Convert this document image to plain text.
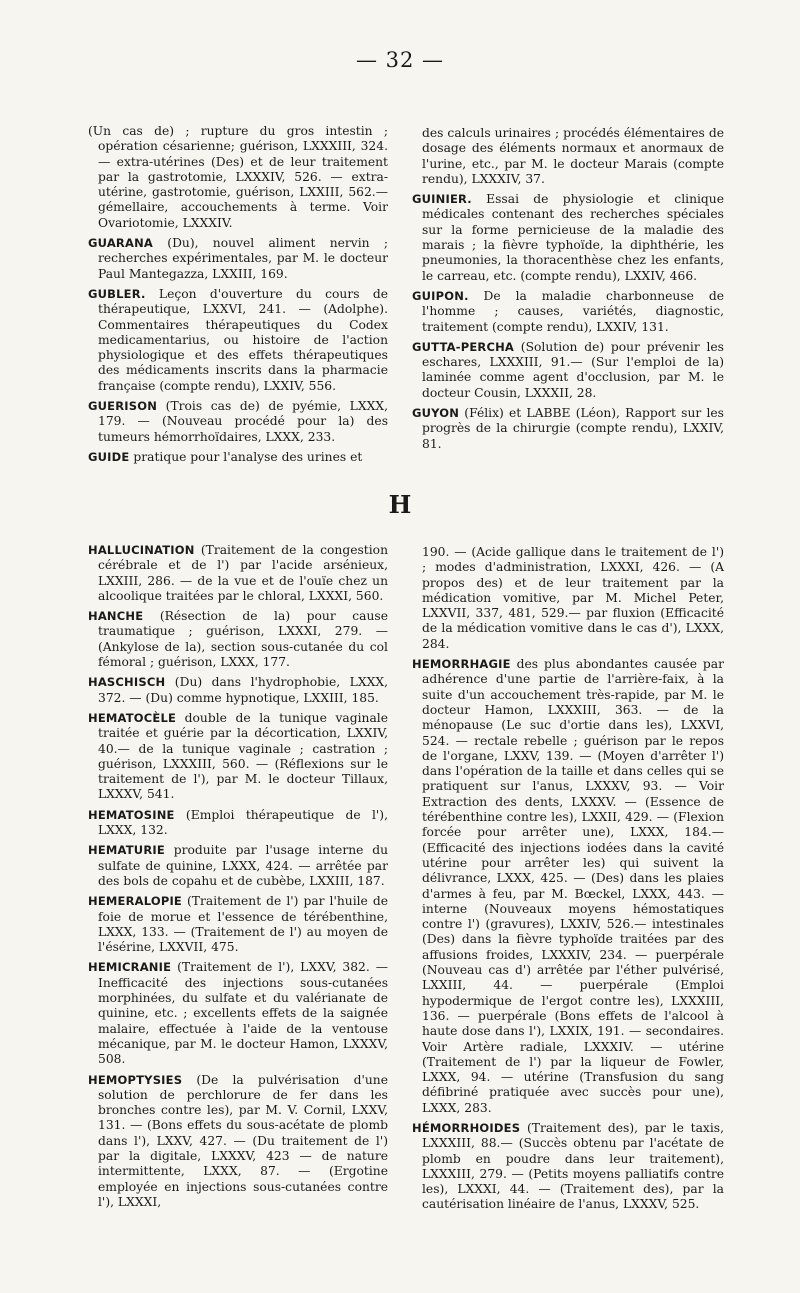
— 32 —

(Un cas de) ; rupture du gros intestin ; opération césarienne; guérison, LXXXIII, 324. — extra-utérines (Des) et de leur traitement par la gastrotomie, LXXXIV, 526. — extra-utérine, gastrotomie, guérison, LXXIII, 562.— gémellaire, accouchements à terme. Voir Ovariotomie, LXXXIV.

GUARANA (Du), nouvel aliment nervin ; recherches expérimentales, par M. le docteur Paul Mantegazza, LXXIII, 169.

GUBLER. Leçon d'ouverture du cours de thérapeutique, LXXVI, 241. — (Adolphe). Commentaires thérapeutiques du Codex medicamentarius, ou histoire de l'action physiologique et des effets thérapeutiques des médicaments inscrits dans la pharmacie française (compte rendu), LXXIV, 556.

GUERISON (Trois cas de) de pyémie, LXXX, 179. — (Nouveau procédé pour la) des tumeurs hémorrhoïdaires, LXXX, 233.

GUIDE pratique pour l'analyse des urines et

des calculs urinaires ; procédés élémentaires de dosage des éléments normaux et anormaux de l'urine, etc., par M. le docteur Marais (compte rendu), LXXXIV, 37.

GUINIER. Essai de physiologie et clinique médicales contenant des recherches spéciales sur la forme pernicieuse de la maladie des marais ; la fièvre typhoïde, la diphthérie, les pneumonies, la thoracenthèse chez les enfants, le carreau, etc. (compte rendu), LXXIV, 466.

GUIPON. De la maladie charbonneuse de l'homme ; causes, variétés, diagnostic, traitement (compte rendu), LXXIV, 131.

GUTTA-PERCHA (Solution de) pour prévenir les eschares, LXXXIII, 91.— (Sur l'emploi de la) laminée comme agent d'occlusion, par M. le docteur Cousin, LXXXII, 28.

GUYON (Félix) et LABBE (Léon), Rapport sur les progrès de la chirurgie (compte rendu), LXXIV, 81.

H

HALLUCINATION (Traitement de la congestion cérébrale et de l') par l'acide arsénieux, LXXIII, 286. — de la vue et de l'ouïe chez un alcoolique traitées par le chloral, LXXXI, 560.

HANCHE (Résection de la) pour cause traumatique ; guérison, LXXXI, 279. — (Ankylose de la), section sous-cutanée du col fémoral ; guérison, LXXX, 177.

HASCHISCH (Du) dans l'hydrophobie, LXXX, 372. — (Du) comme hypnotique, LXXIII, 185.

HEMATOCÈLE double de la tunique vaginale traitée et guérie par la décortication, LXXIV, 40.— de la tunique vaginale ; castration ; guérison, LXXXIII, 560. — (Réflexions sur le traitement de l'), par M. le docteur Tillaux, LXXXV, 541.

HEMATOSINE (Emploi thérapeutique de l'), LXXX, 132.

HEMATURIE produite par l'usage interne du sulfate de quinine, LXXX, 424. — arrêtée par des bols de copahu et de cubèbe, LXXIII, 187.

HEMERALOPIE (Traitement de l') par l'huile de foie de morue et l'essence de térébenthine, LXXX, 133. — (Traitement de l') au moyen de l'ésérine, LXXVII, 475.

HEMICRANIE (Traitement de l'), LXXV, 382. — Inefficacité des injections sous-cutanées morphinées, du sulfate et du valérianate de quinine, etc. ; excellents effets de la saignée malaire, effectuée à l'aide de la ventouse mécanique, par M. le docteur Hamon, LXXXV, 508.

HEMOPTYSIES (De la pulvérisation d'une solution de perchlorure de fer dans les bronches contre les), par M. V. Cornil, LXXV, 131. — (Bons effets du sous-acétate de plomb dans l'), LXXV, 427. — (Du traitement de l') par la digitale, LXXXV, 423 — de nature intermittente, LXXX, 87. — (Ergotine employée en injections sous-cutanées contre l'), LXXXI,

190. — (Acide gallique dans le traitement de l') ; modes d'administration, LXXXI, 426. — (A propos des) et de leur traitement par la médication vomitive, par M. Michel Peter, LXXVII, 337, 481, 529.— par fluxion (Efficacité de la médication vomitive dans le cas d'), LXXX, 284.

HEMORRHAGIE des plus abondantes causée par adhérence d'une partie de l'arrière-faix, à la suite d'un accouchement très-rapide, par M. le docteur Hamon, LXXXIII, 363. — de la ménopause (Le suc d'ortie dans les), LXXVI, 524. — rectale rebelle ; guérison par le repos de l'organe, LXXV, 139. — (Moyen d'arrêter l') dans l'opération de la taille et dans celles qui se pratiquent sur l'anus, LXXXV, 93. — Voir Extraction des dents, LXXXV. — (Essence de térébenthine contre les), LXXII, 429. — (Flexion forcée pour arrêter une), LXXX, 184.— (Efficacité des injections iodées dans la cavité utérine pour arrêter les) qui suivent la délivrance, LXXX, 425. — (Des) dans les plaies d'armes à feu, par M. Bœckel, LXXX, 443. — interne (Nouveaux moyens hémostatiques contre l') (gravures), LXXIV, 526.— intestinales (Des) dans la fièvre typhoïde traitées par des affusions froides, LXXXIV, 234. — puerpérale (Nouveau cas d') arrêtée par l'éther pulvérisé, LXXIII, 44. — puerpérale (Emploi hypodermique de l'ergot contre les), LXXXIII, 136. — puerpérale (Bons effets de l'alcool à haute dose dans l'), LXXIX, 191. — secondaires. Voir Artère radiale, LXXXIV. — utérine (Traitement de l') par la liqueur de Fowler, LXXX, 94. — utérine (Transfusion du sang défibriné pratiquée avec succès pour une), LXXX, 283.

HÉMORRHOIDES (Traitement des), par le taxis, LXXXIII, 88.— (Succès obtenu par l'acétate de plomb en poudre dans leur traitement), LXXXIII, 279. — (Petits moyens palliatifs contre les), LXXXI, 44. — (Traitement des), par la cautérisation linéaire de l'anus, LXXXV, 525.
